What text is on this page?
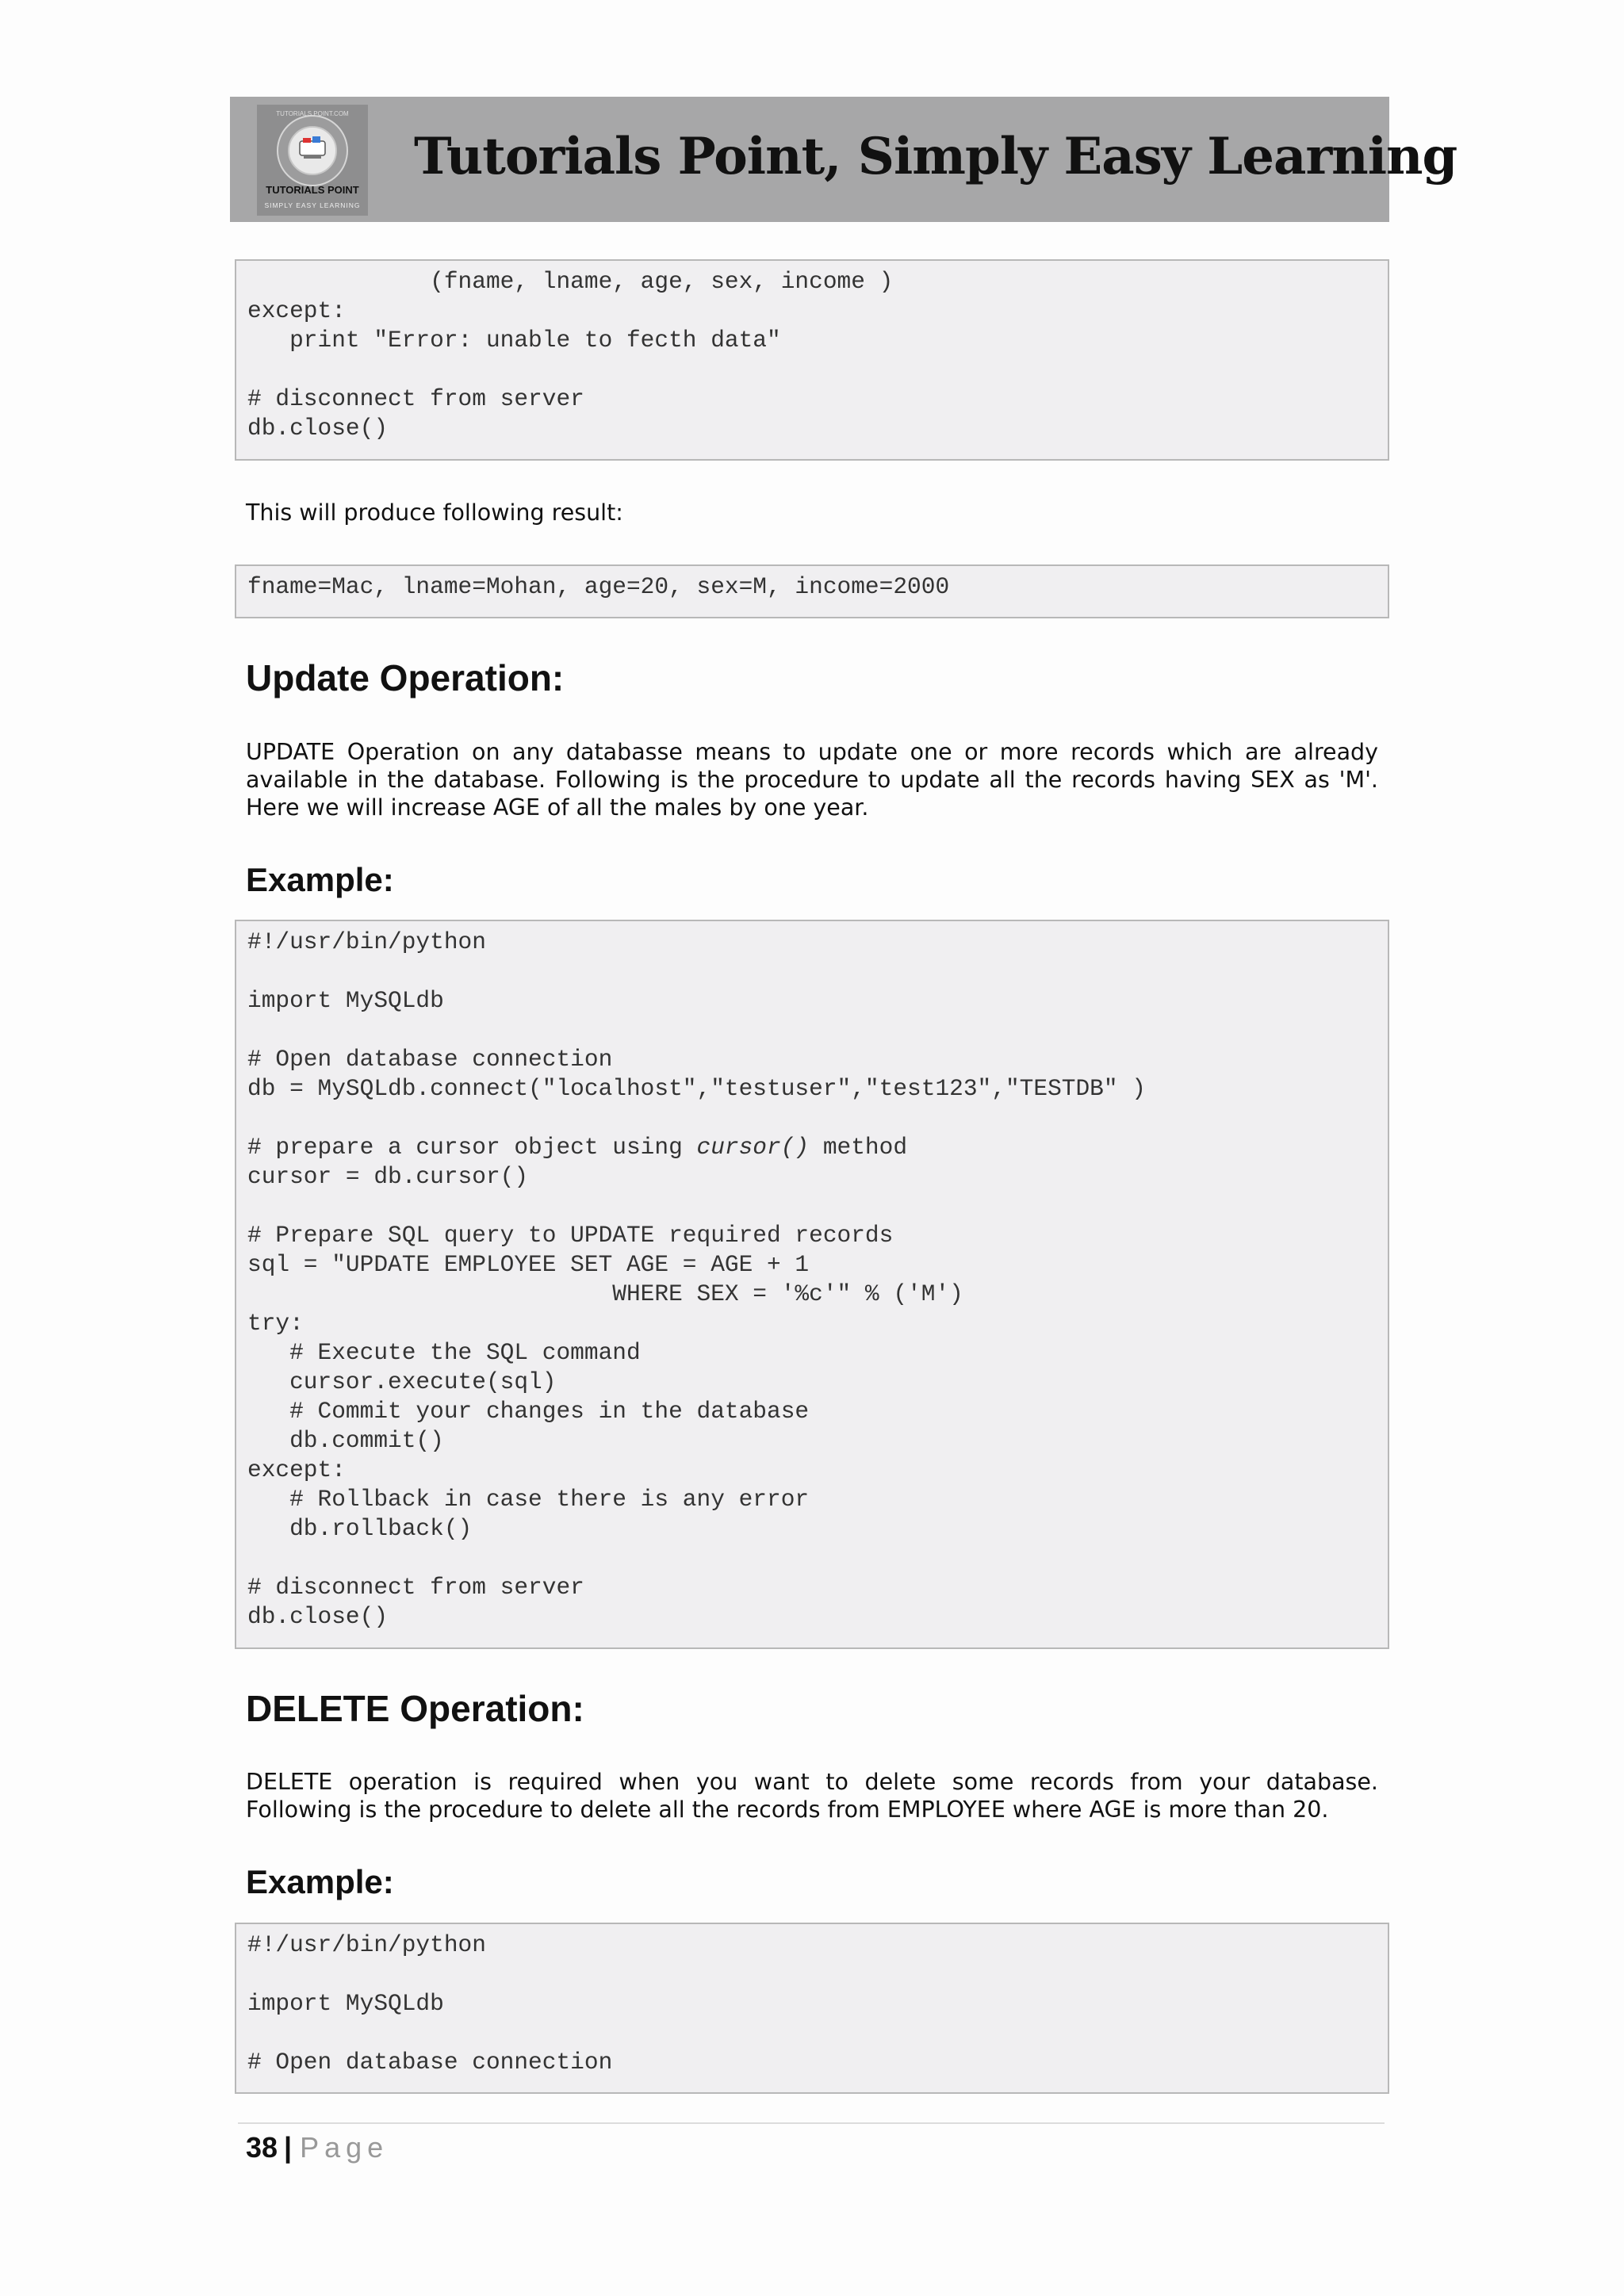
TUTORIALS POINT
SIMPLY EASY LEARNING
TUTORIALS POINT.COM
Tutorials Point, Simply Easy Learning
(fname, lname, age, sex, income )
except:
print "Error: unable to fecth data"
# disconnect from server
db.close()
This will produce following result:
fname=Mac, lname=Mohan, age=20, sex=M, income=2000
Update Operation:
UPDATE Operation on any databasse means to update one or more records which are already
available in the database. Following is the procedure to update all the records having SEX as 'M'.
Here we will increase AGE of all the males by one year.
Example:
#!/usr/bin/python
import MySQLdb
# Open database connection
db = MySQLdb.connect("localhost","testuser","test123","TESTDB" )
# prepare a cursor object using cursor() method
cursor = db.cursor()
# Prepare SQL query to UPDATE required records
sql = "UPDATE EMPLOYEE SET AGE = AGE + 1
WHERE SEX = '%c'" % ('M')
try:
# Execute the SQL command
cursor.execute(sql)
# Commit your changes in the database
db.commit()
except:
# Rollback in case there is any error
db.rollback()
# disconnect from server
db.close()
DELETE Operation:
DELETE operation is required when you want to delete some records from your database.
Following is the procedure to delete all the records from EMPLOYEE where AGE is more than 20.
Example:
#!/usr/bin/python
import MySQLdb
# Open database connection
38 | Page
